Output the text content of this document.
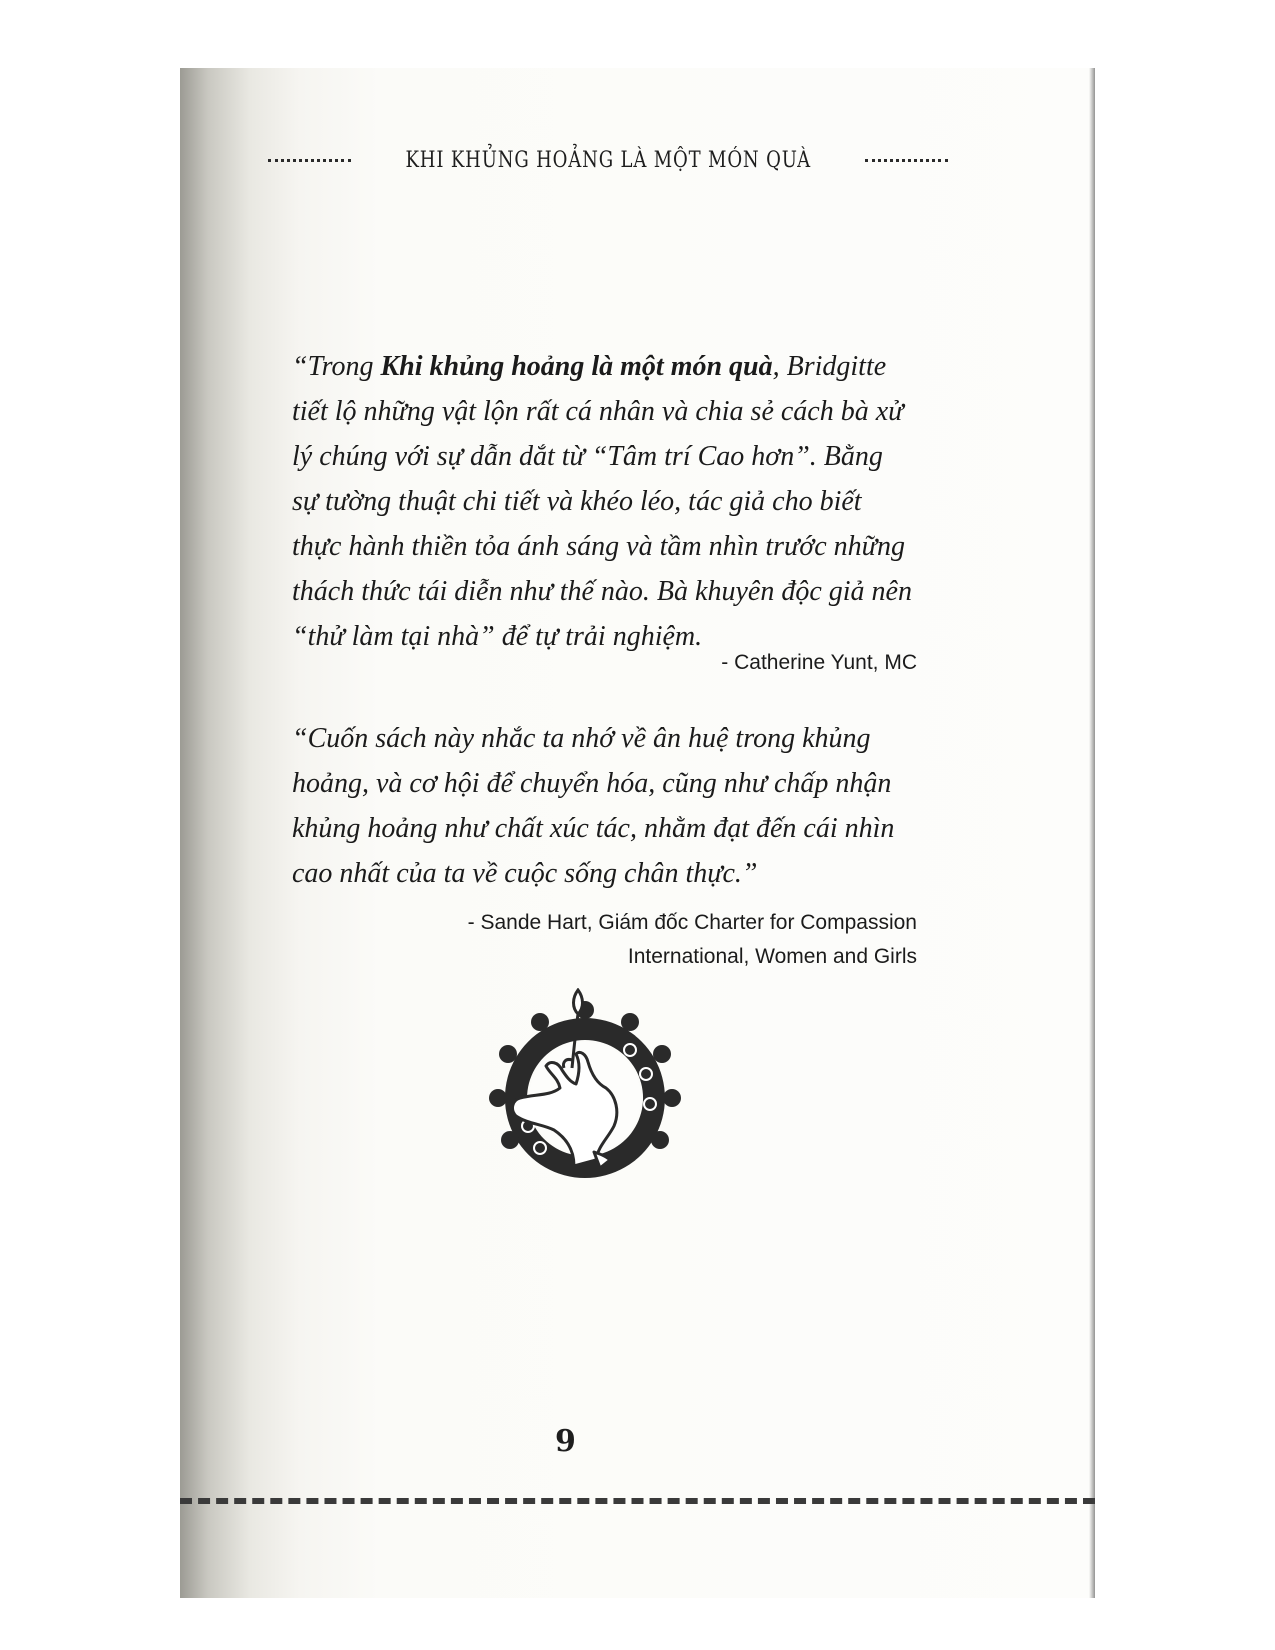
KHI KHỦNG HOẢNG LÀ MỘT MÓN QUÀ
“Trong Khi khủng hoảng là một món quà, Bridgitte tiết lộ những vật lộn rất cá nhân và chia sẻ cách bà xử lý chúng với sự dẫn dắt từ “Tâm trí Cao hơn”. Bằng sự tường thuật chi tiết và khéo léo, tác giả cho biết thực hành thiền tỏa ánh sáng và tầm nhìn trước những thách thức tái diễn như thế nào. Bà khuyên độc giả nên “thử làm tại nhà” để tự trải nghiệm.
- Catherine Yunt, MC
“Cuốn sách này nhắc ta nhớ về ân huệ trong khủng hoảng, và cơ hội để chuyển hóa, cũng như chấp nhận khủng hoảng như chất xúc tác, nhằm đạt đến cái nhìn cao nhất của ta về cuộc sống chân thực.”
- Sande Hart, Giám đốc Charter for Compassion
International, Women and Girls
9
